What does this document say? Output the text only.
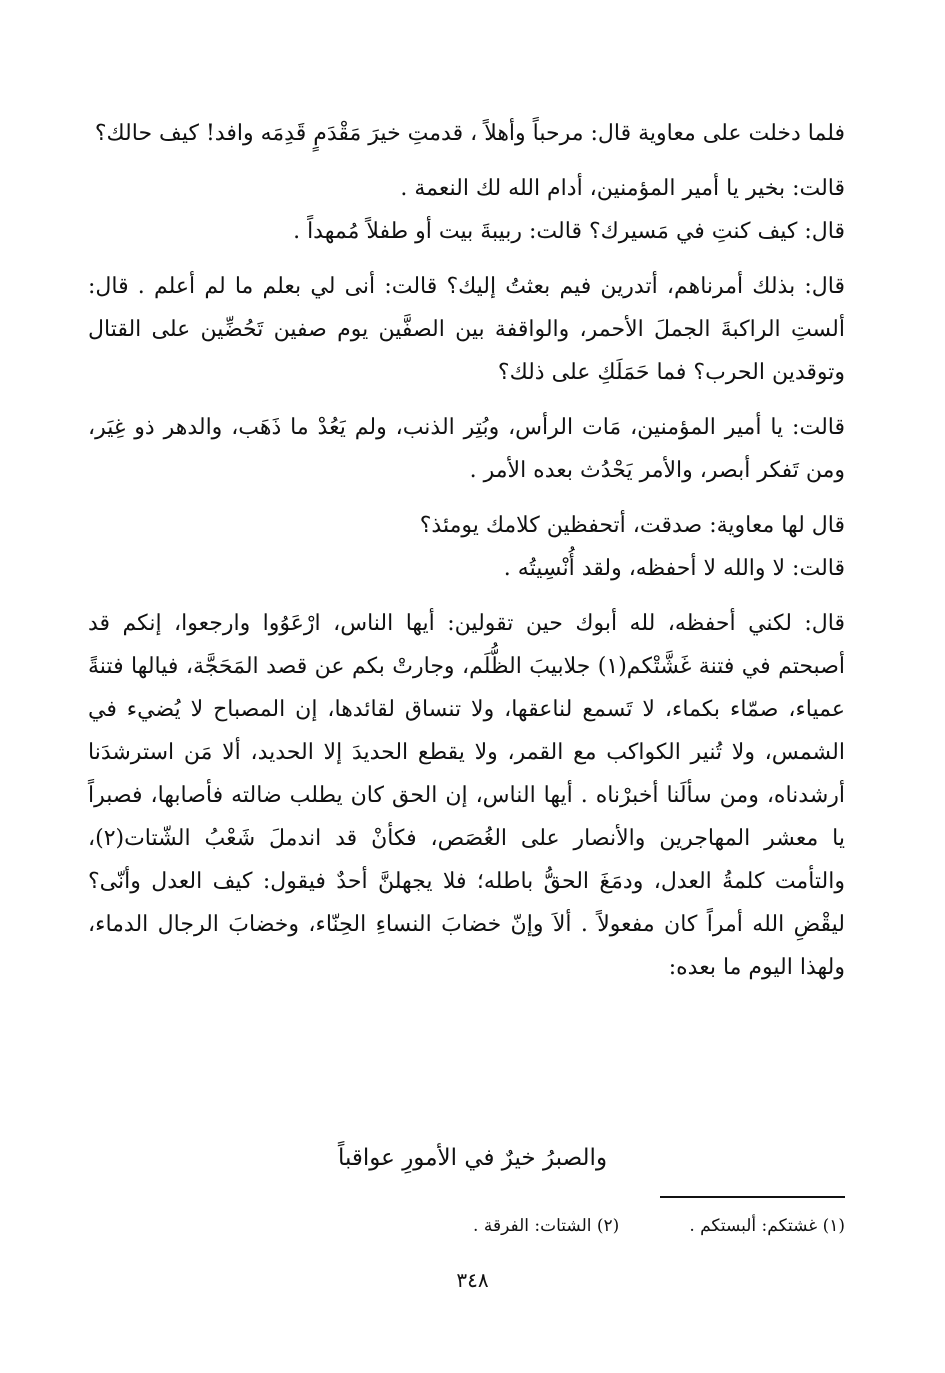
فلما دخلت على معاوية قال: مرحباً وأهلاً ، قدمتِ خيرَ مَقْدَمٍ قَدِمَه وافد! كيف حالك؟

قالت: بخير يا أمير المؤمنين، أدام الله لك النعمة .

قال: كيف كنتِ في مَسيرك؟ قالت: ربيبةَ بيت أو طفلاً مُمهداً .

قال: بذلك أمرناهم، أتدرين فيم بعثتُ إليك؟ قالت: أنى لي بعلم ما لم أعلم . قال: ألستِ الراكبةَ الجملَ الأحمر، والواقفة بين الصفَّين يوم صفين تَحُضِّين على القتال وتوقدين الحرب؟ فما حَمَلَكِ على ذلك؟

قالت: يا أمير المؤمنين، مَات الرأس، وبُتِر الذنب، ولم يَعُدْ ما ذَهَب، والدهر ذو غِيَر، ومن تَفكر أبصر، والأمر يَحْدُث بعده الأمر .

قال لها معاوية: صدقت، أتحفظين كلامك يومئذ؟

قالت: لا والله لا أحفظه، ولقد أُنْسِيتُه .

قال: لكني أحفظه، لله أبوك حين تقولين: أيها الناس، ارْعَوُوا وارجعوا، إنكم قد أصبحتم في فتنة غَشَّتْكم(١) جلابيبَ الظُّلَم، وجارتْ بكم عن قصد المَحَجَّة، فيالها فتنةً عمياء، صمّاء بكماء، لا تَسمع لناعقها، ولا تنساق لقائدها، إن المصباح لا يُضيء في الشمس، ولا تُنير الكواكب مع القمر، ولا يقطع الحديدَ إلا الحديد، ألا مَن استرشدَنا أرشدناه، ومن سألَنا أخبرْناه . أيها الناس، إن الحق كان يطلب ضالته فأصابها، فصبراً يا معشر المهاجرين والأنصار على الغُصَص، فكأنْ قد اندملَ شَعْبُ الشّتات(٢)، والتأمت كلمةُ العدل، ودمَغَ الحقُّ باطله؛ فلا يجهلنَّ أحدٌ فيقول: كيف العدل وأنّى؟ ليقْضِ الله أمراً كان مفعولاً . ألاَ وإنّ خضابَ النساءِ الحِنّاء، وخضابَ الرجال الدماء، ولهذا اليوم ما بعده:

والصبرُ خيرٌ في الأمورِ عواقباً
(١) غشتكم: ألبستكم .
(٢) الشتات: الفرقة .
٣٤٨
